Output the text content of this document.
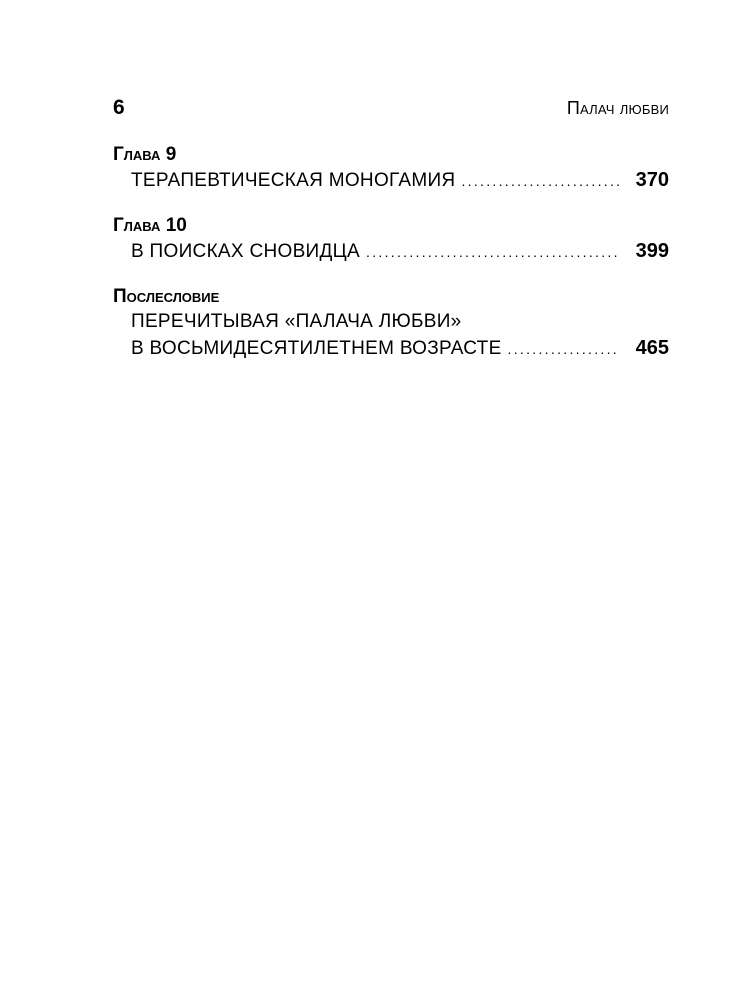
6	Палач любви
Глава 9
ТЕРАПЕВТИЧЕСКАЯ МОНОГАМИЯ .....	370
Глава 10
В ПОИСКАХ СНОВИДЦА .....	399
Послесловие
ПЕРЕЧИТЫВАЯ «ПАЛАЧА ЛЮБВИ»
В ВОСЬМИДЕСЯТИЛЕТНЕМ ВОЗРАСТЕ .....	465
